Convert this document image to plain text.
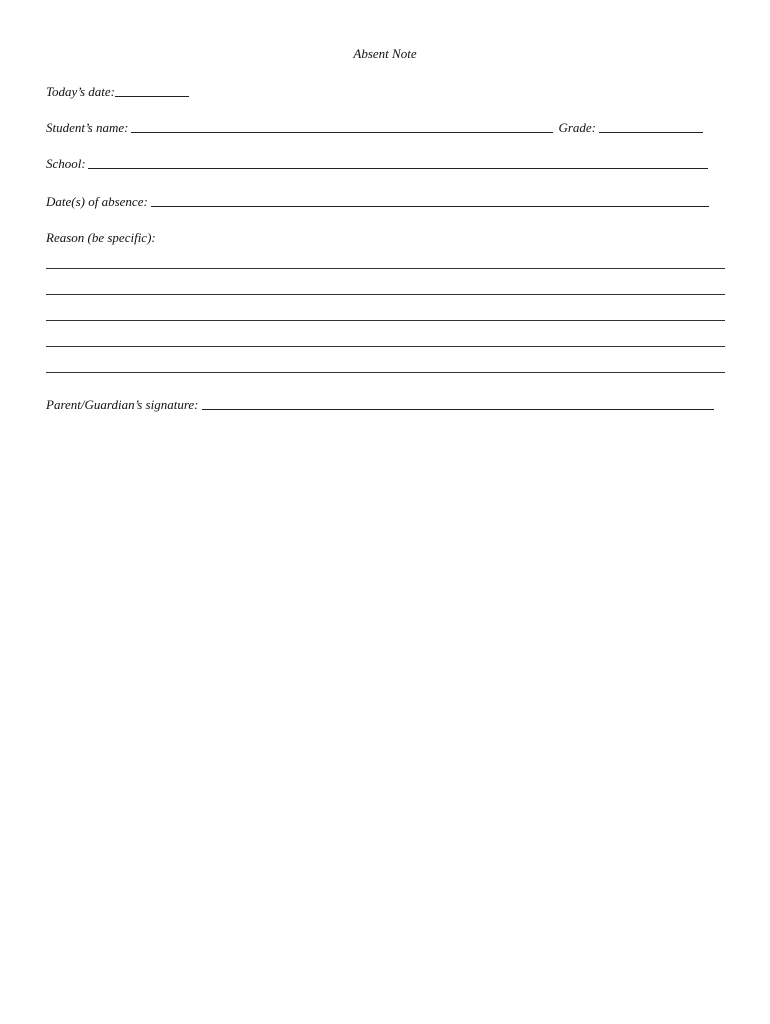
Absent Note
Today’s date:
Student’s name:	Grade:
School:
Date(s) of absence:
Reason (be specific):
Parent/Guardian’s signature:
